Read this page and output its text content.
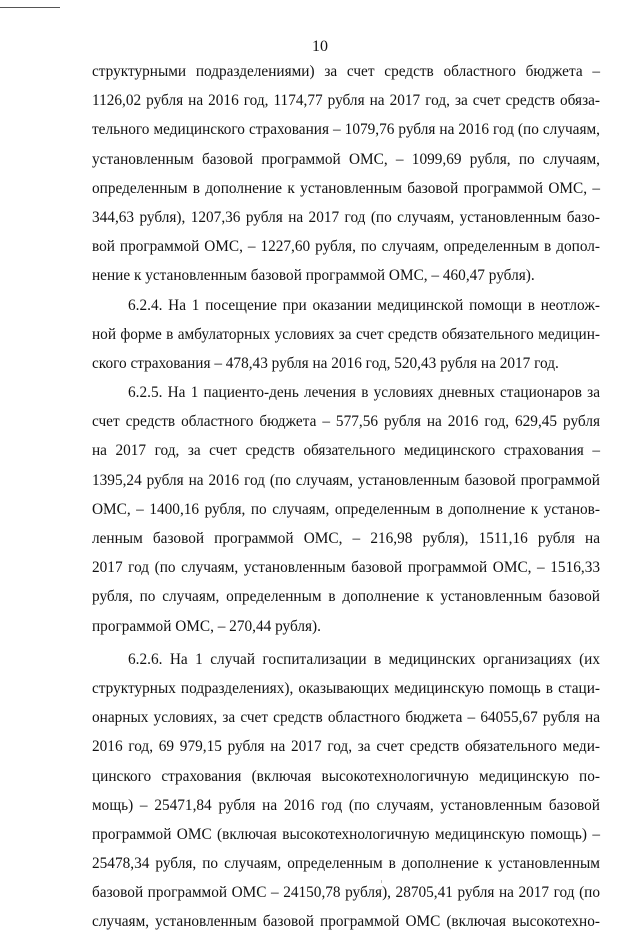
10
структурными подразделениями) за счет средств областного бюджета –
1126,02 рубля на 2016 год, 1174,77 рубля на 2017 год, за счет средств обяза-
тельного медицинского страхования – 1079,76 рубля на 2016 год (по случаям,
установленным базовой программой ОМС, – 1099,69 рубля, по случаям,
определенным в дополнение к установленным базовой программой ОМС, –
344,63 рубля), 1207,36 рубля на 2017 год (по случаям, установленным базо-
вой программой ОМС, – 1227,60 рубля, по случаям, определенным в допол-
нение к установленным базовой программой ОМС, – 460,47 рубля).
6.2.4. На 1 посещение при оказании медицинской помощи в неотлож-
ной форме в амбулаторных условиях за счет средств обязательного медицин-
ского страхования – 478,43 рубля на 2016 год, 520,43 рубля на 2017 год.
6.2.5. На 1 пациенто-день лечения в условиях дневных стационаров за
счет средств областного бюджета – 577,56 рубля на 2016 год, 629,45 рубля
на 2017 год, за счет средств обязательного медицинского страхования –
1395,24 рубля на 2016 год (по случаям, установленным базовой программой
ОМС, – 1400,16 рубля, по случаям, определенным в дополнение к установ-
ленным базовой программой ОМС, – 216,98 рубля), 1511,16 рубля на
2017 год (по случаям, установленным базовой программой ОМС, – 1516,33
рубля, по случаям, определенным в дополнение к установленным базовой
программой ОМС, – 270,44 рубля).
6.2.6. На 1 случай госпитализации в медицинских организациях (их
структурных подразделениях), оказывающих медицинскую помощь в стаци-
онарных условиях, за счет средств областного бюджета – 64055,67 рубля на
2016 год, 69 979,15 рубля на 2017 год, за счет средств обязательного меди-
цинского страхования (включая высокотехнологичную медицинскую по-
мощь) – 25471,84 рубля на 2016 год (по случаям, установленным базовой
программой ОМС (включая высокотехнологичную медицинскую помощь) –
25478,34 рубля, по случаям, определенным в дополнение к установленным
базовой программой ОМС – 24150,78 рубля), 28705,41 рубля на 2017 год (по
случаям, установленным базовой программой ОМС (включая высокотехно-
